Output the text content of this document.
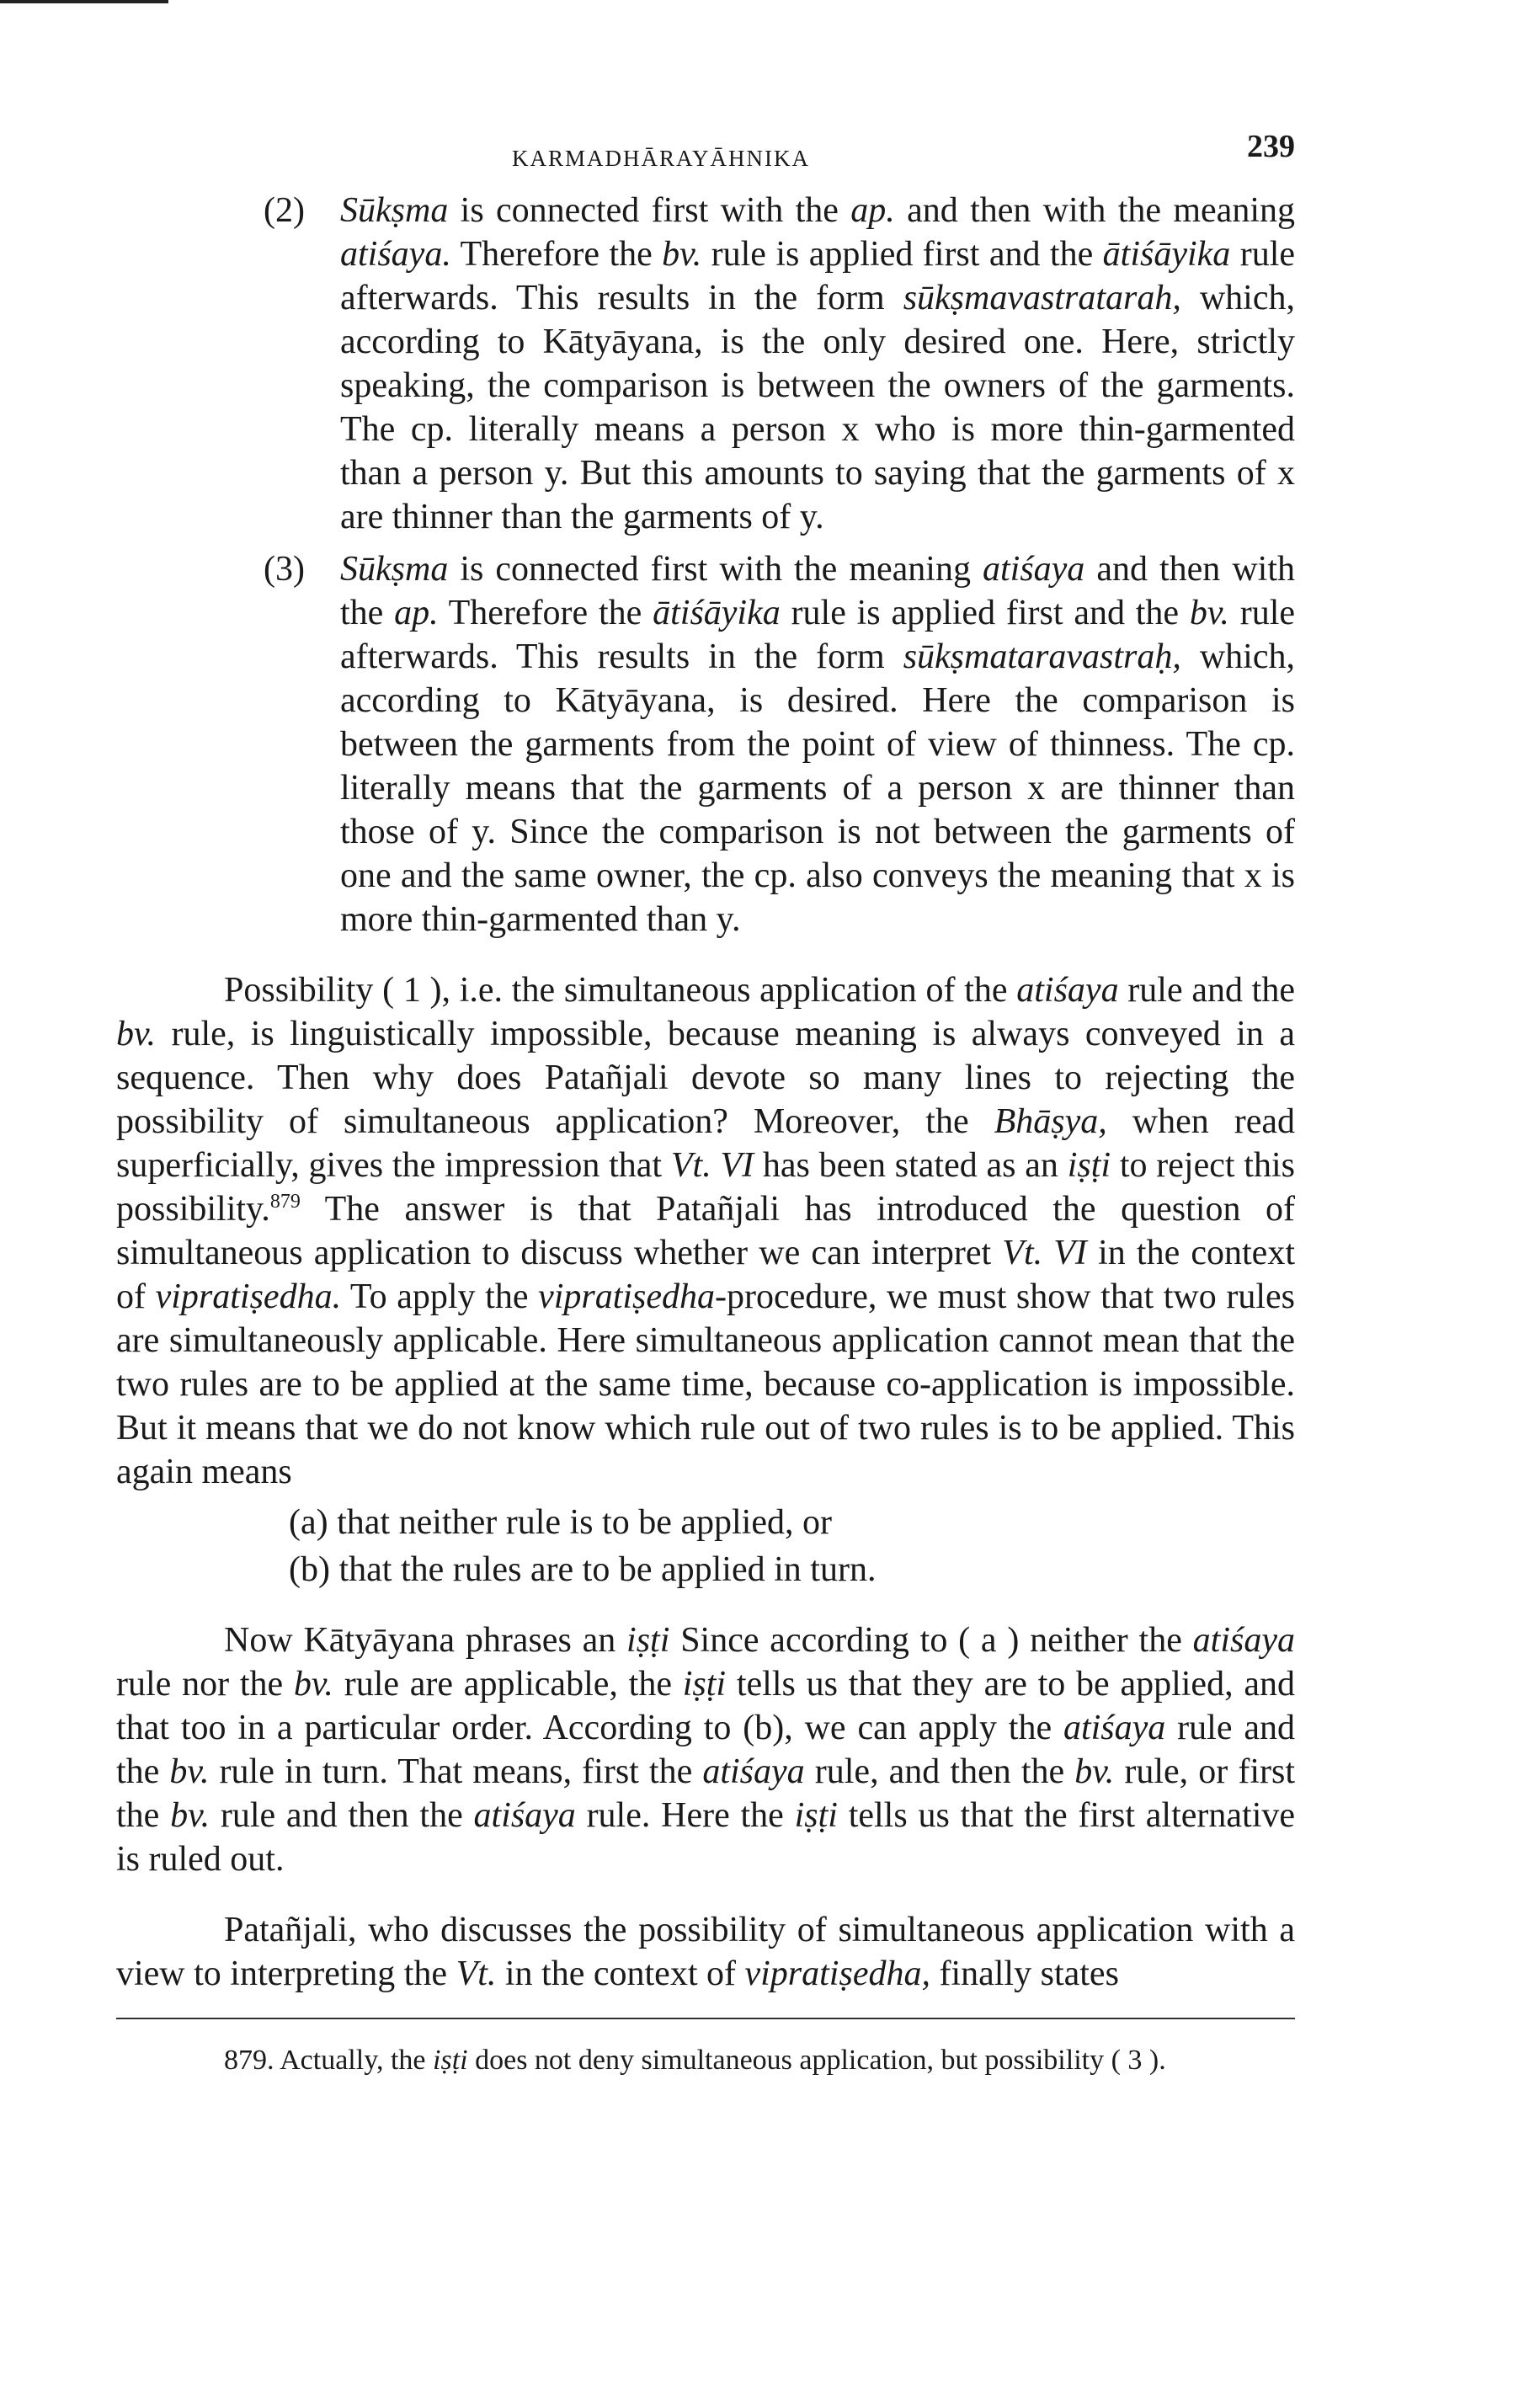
KARMADHĀRAYĀHNIKA	239
(2) Sūkṣma is connected first with the ap. and then with the meaning atiśaya. Therefore the bv. rule is applied first and the ātiśāyika rule afterwards. This results in the form sūkṣmavastratarah, which, according to Kātyāyana, is the only desired one. Here, strictly speaking, the comparison is between the owners of the garments. The cp. literally means a person x who is more thin-garmented than a person y. But this amounts to saying that the garments of x are thinner than the garments of y.
(3) Sūkṣma is connected first with the meaning atiśaya and then with the ap. Therefore the ātiśāyika rule is applied first and the bv. rule afterwards. This results in the form sūkṣmataravastraḥ, which, according to Kātyāyana, is desired. Here the comparison is between the garments from the point of view of thinness. The cp. literally means that the garments of a person x are thinner than those of y. Since the comparison is not between the garments of one and the same owner, the cp. also conveys the meaning that x is more thin-garmented than y.

Possibility ( 1 ), i.e. the simultaneous application of the atiśaya rule and the bv. rule, is linguistically impossible, because meaning is always conveyed in a sequence. Then why does Patañjali devote so many lines to rejecting the possibility of simultaneous application? Moreover, the Bhāṣya, when read superficially, gives the impression that Vt. VI has been stated as an iṣṭi to reject this possibility.$^{879}$ The answer is that Patañjali has introduced the question of simultaneous application to discuss whether we can interpret Vt. VI in the context of vipratiṣedha. To apply the vipratiṣedha-procedure, we must show that two rules are simultaneously applicable. Here simultaneous application cannot mean that the two rules are to be applied at the same time, because co-application is impossible. But it means that we do not know which rule out of two rules is to be applied. This again means

(a) that neither rule is to be applied, or
(b) that the rules are to be applied in turn.

Now Kātyāyana phrases an iṣṭi Since according to ( a ) neither the atiśaya rule nor the bv. rule are applicable, the iṣṭi tells us that they are to be applied, and that too in a particular order. According to (b), we can apply the atiśaya rule and the bv. rule in turn. That means, first the atiśaya rule, and then the bv. rule, or first the bv. rule and then the atiśaya rule. Here the iṣṭi tells us that the first alternative is ruled out.

Patañjali, who discusses the possibility of simultaneous application with a view to interpreting the Vt. in the context of vipratiṣedha, finally states

879. Actually, the iṣṭi does not deny simultaneous application, but possibility ( 3 ).
